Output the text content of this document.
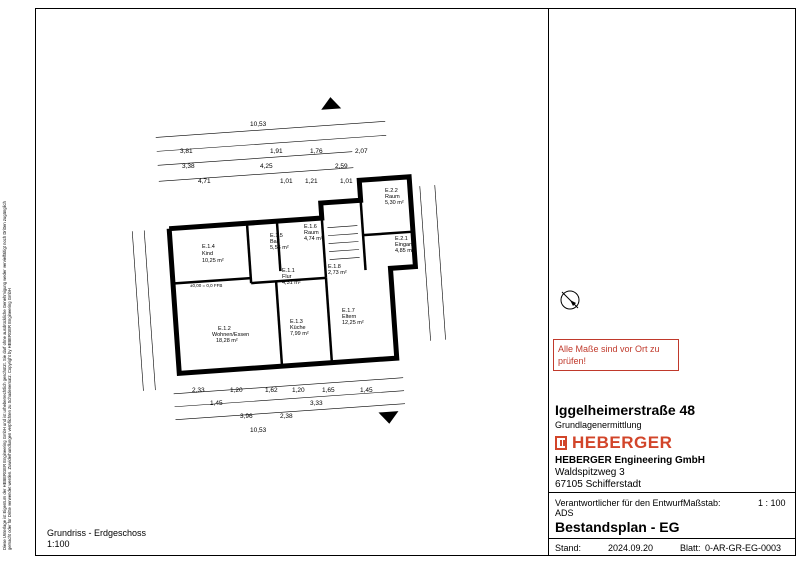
Diese Unterlage ist Eigentum der HEBERGER Engineering GmbH und ist urheberrechtlich geschützt. Sie darf ohne ausdrückliche Genehmigung weder vervielfältigt noch Dritten zugänglich gemacht oder für Dritte verwendet werden. Zuwiderhandlungen verpflichten zu Schadenersatz. Copyright by HEBERGER Engineering GmbH
E.1.4
Kind
10,25 m²
E.1.5
Bad
5,56 m²
E.1.6
Raum
4,74 m²
E.1.1
Flur
4,31 m²
E.1.2
Wohnen/Essen
18,28 m²
E.1.3
Küche
7,99 m²
E.1.7
Eltern
12,25 m²
E.2.2
Raum
5,30 m²
E.2.1
Eingang
4,85 m²
E.1.8
2,73 m²
±0,00 = 0,0 FFB
10,53
3,81	1,91	1,76	2,07
3,38	4,25	2,59
4,71	1,01 1,21	1,01
2,33	1,20	1,62 1,20	1,65	1,45
3,33
1,45
3,96	2,38
10,53
Alle Maße sind vor Ort zu prüfen!
Iggelheimerstraße 48
Grundlagenermittlung
HEBERGER
HEBERGER Engineering GmbH
Waldspitzweg 3
67105 Schifferstadt
Verantwortlicher für den Entwurf:
ADS
Maßstab:	1 : 100
Bestandsplan - EG
Stand:	2024.09.20	Blatt: 0-AR-GR-EG-0003
Grundriss - Erdgeschoss
1:100
